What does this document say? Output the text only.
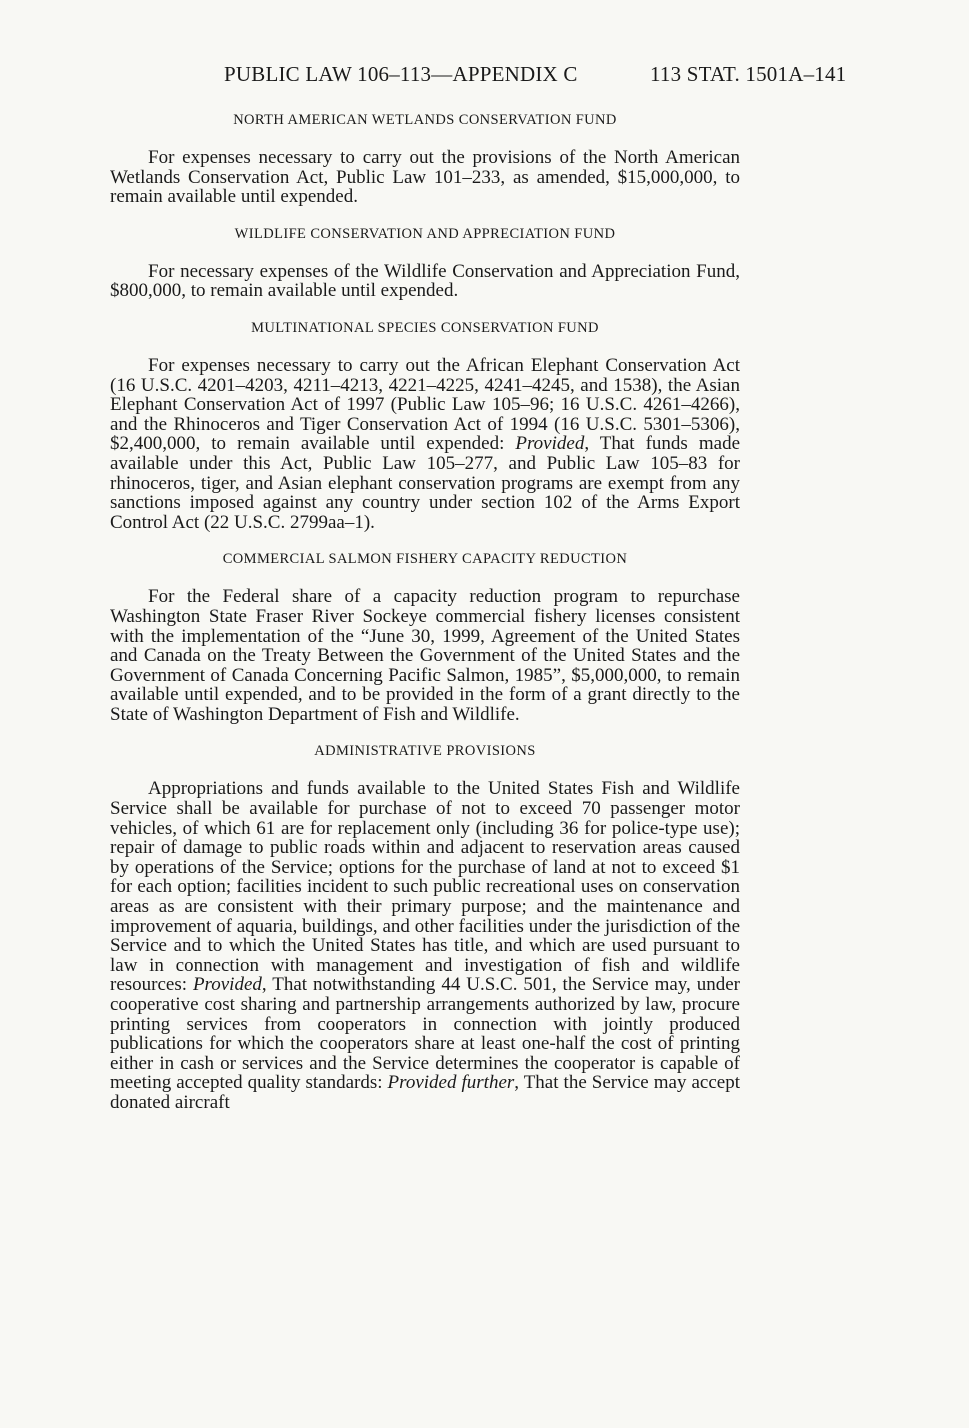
PUBLIC LAW 106–113—APPENDIX C	113 STAT. 1501A–141
NORTH AMERICAN WETLANDS CONSERVATION FUND

For expenses necessary to carry out the provisions of the North American Wetlands Conservation Act, Public Law 101–233, as amended, $15,000,000, to remain available until expended.

WILDLIFE CONSERVATION AND APPRECIATION FUND

For necessary expenses of the Wildlife Conservation and Appreciation Fund, $800,000, to remain available until expended.

MULTINATIONAL SPECIES CONSERVATION FUND

For expenses necessary to carry out the African Elephant Conservation Act (16 U.S.C. 4201–4203, 4211–4213, 4221–4225, 4241–4245, and 1538), the Asian Elephant Conservation Act of 1997 (Public Law 105–96; 16 U.S.C. 4261–4266), and the Rhinoceros and Tiger Conservation Act of 1994 (16 U.S.C. 5301–5306), $2,400,000, to remain available until expended: Provided, That funds made available under this Act, Public Law 105–277, and Public Law 105–83 for rhinoceros, tiger, and Asian elephant conservation programs are exempt from any sanctions imposed against any country under section 102 of the Arms Export Control Act (22 U.S.C. 2799aa–1).

COMMERCIAL SALMON FISHERY CAPACITY REDUCTION

For the Federal share of a capacity reduction program to repurchase Washington State Fraser River Sockeye commercial fishery licenses consistent with the implementation of the “June 30, 1999, Agreement of the United States and Canada on the Treaty Between the Government of the United States and the Government of Canada Concerning Pacific Salmon, 1985”, $5,000,000, to remain available until expended, and to be provided in the form of a grant directly to the State of Washington Department of Fish and Wildlife.

ADMINISTRATIVE PROVISIONS

Appropriations and funds available to the United States Fish and Wildlife Service shall be available for purchase of not to exceed 70 passenger motor vehicles, of which 61 are for replacement only (including 36 for police-type use); repair of damage to public roads within and adjacent to reservation areas caused by operations of the Service; options for the purchase of land at not to exceed $1 for each option; facilities incident to such public recreational uses on conservation areas as are consistent with their primary purpose; and the maintenance and improvement of aquaria, buildings, and other facilities under the jurisdiction of the Service and to which the United States has title, and which are used pursuant to law in connection with management and investigation of fish and wildlife resources: Provided, That notwithstanding 44 U.S.C. 501, the Service may, under cooperative cost sharing and partnership arrangements authorized by law, procure printing services from cooperators in connection with jointly produced publications for which the cooperators share at least one-half the cost of printing either in cash or services and the Service determines the cooperator is capable of meeting accepted quality standards: Provided further, That the Service may accept donated aircraft
